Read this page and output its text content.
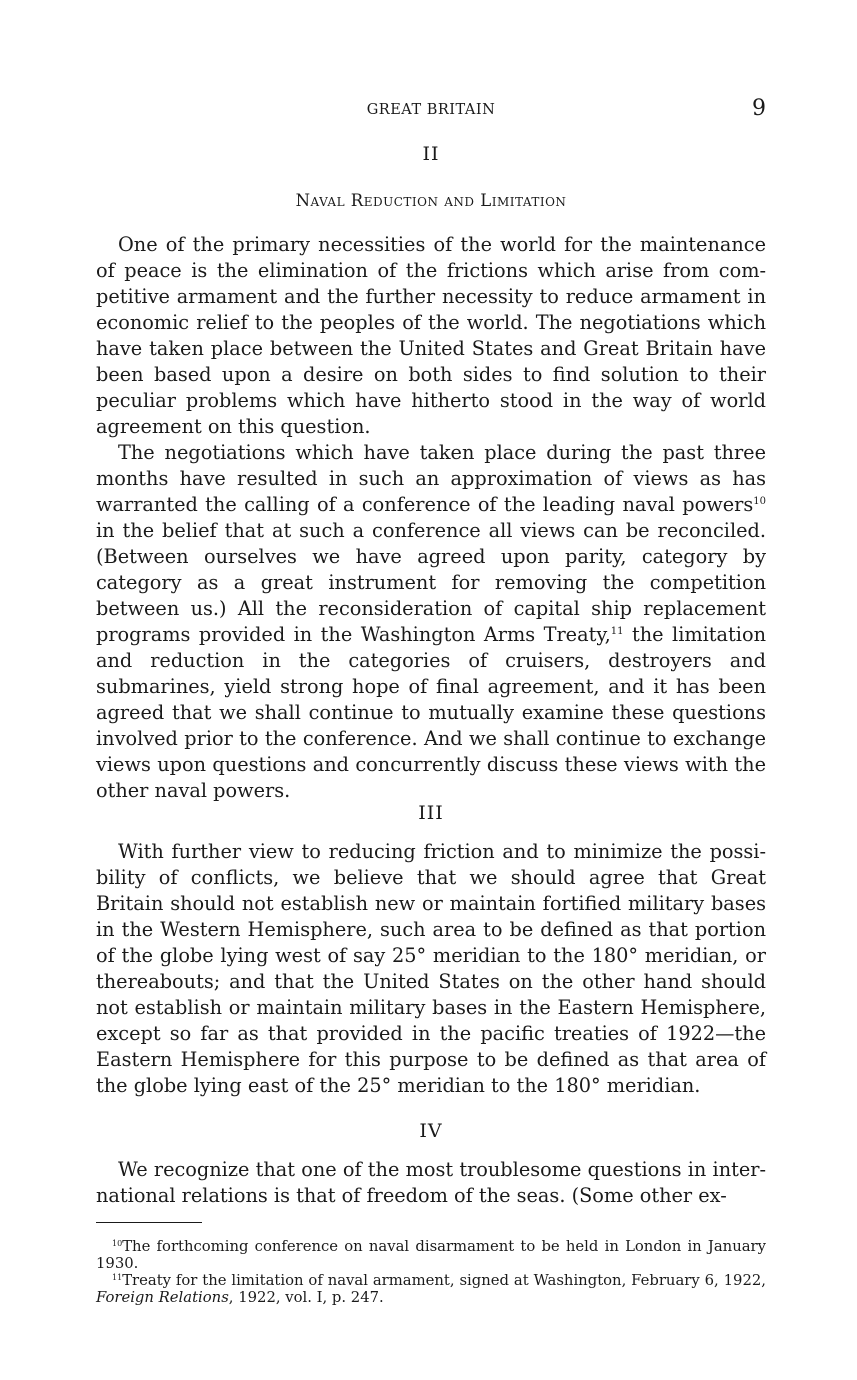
GREAT BRITAIN	9
II
Naval Reduction and Limitation

One of the primary necessities of the world for the maintenance of peace is the elimination of the frictions which arise from competitive armament and the further necessity to reduce armament in economic relief to the peoples of the world. The negotiations which have taken place between the United States and Great Britain have been based upon a desire on both sides to find solution to their peculiar problems which have hitherto stood in the way of world agreement on this question.

The negotiations which have taken place during the past three months have resulted in such an approximation of views as has warranted the calling of a conference of the leading naval powers$^{10}$ in the belief that at such a conference all views can be reconciled. (Between ourselves we have agreed upon parity, category by category as a great instrument for removing the competition between us.) All the reconsideration of capital ship replacement programs provided in the Washington Arms Treaty,$^{11}$ the limitation and reduction in the categories of cruisers, destroyers and submarines, yield strong hope of final agreement, and it has been agreed that we shall continue to mutually examine these questions involved prior to the conference. And we shall continue to exchange views upon questions and concurrently discuss these views with the other naval powers.

III

With further view to reducing friction and to minimize the possibility of conflicts, we believe that we should agree that Great Britain should not establish new or maintain fortified military bases in the Western Hemisphere, such area to be defined as that portion of the globe lying west of say 25° meridian to the 180° meridian, or thereabouts; and that the United States on the other hand should not establish or maintain military bases in the Eastern Hemisphere, except so far as that provided in the pacific treaties of 1922—the Eastern Hemisphere for this purpose to be defined as that area of the globe lying east of the 25° meridian to the 180° meridian.

IV

We recognize that one of the most troublesome questions in international relations is that of freedom of the seas. (Some other ex-

$^{10}$The forthcoming conference on naval disarmament to be held in London in January 1930.

$^{11}$Treaty for the limitation of naval armament, signed at Washington, February 6, 1922, Foreign Relations, 1922, vol. I, p. 247.
